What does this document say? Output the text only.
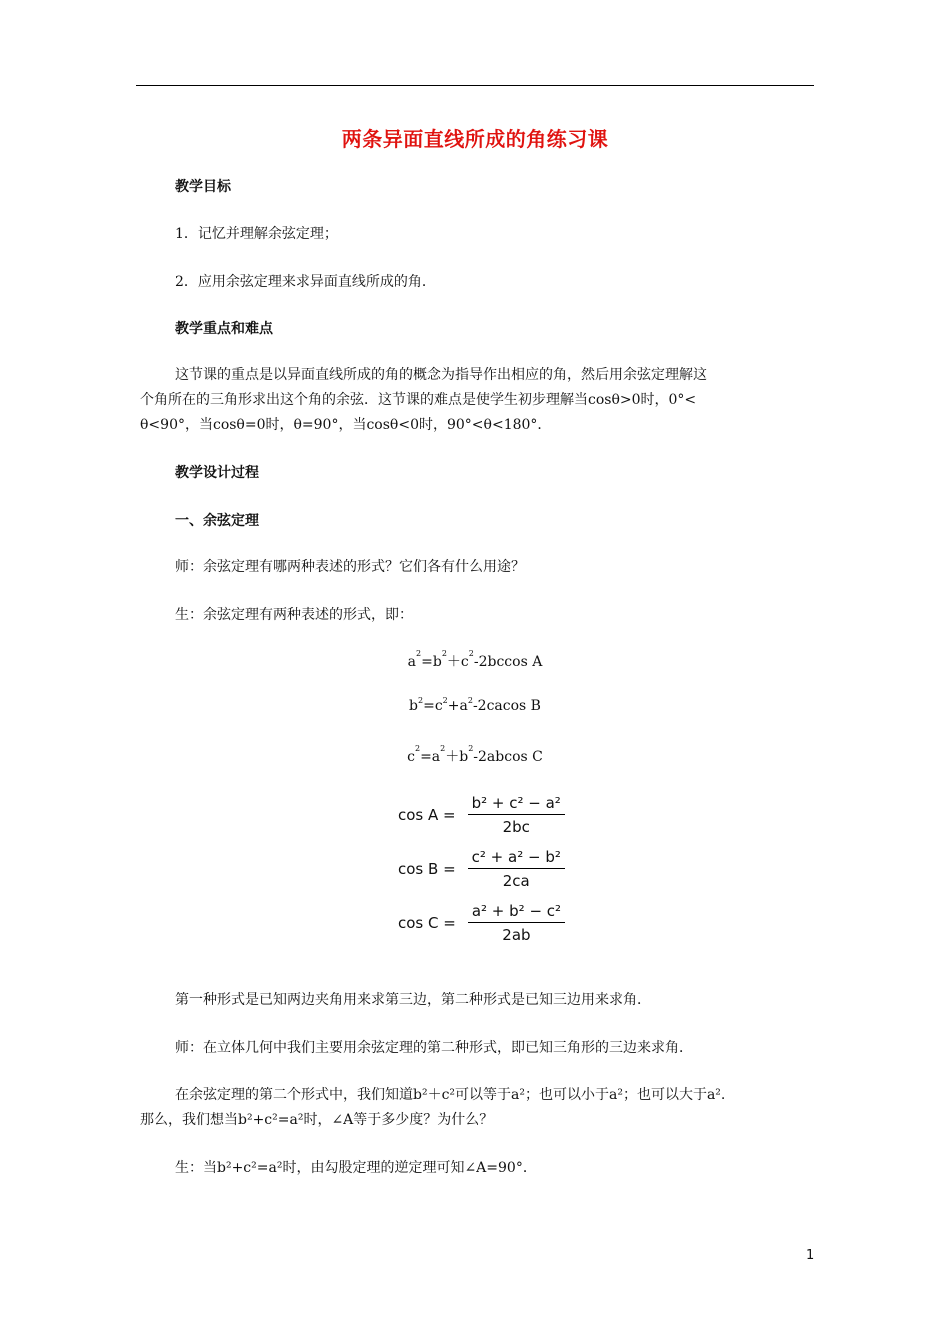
两条异面直线所成的角练习课
教学目标
1．记忆并理解余弦定理；
2．应用余弦定理来求异面直线所成的角．
教学重点和难点
这节课的重点是以异面直线所成的角的概念为指导作出相应的角，然后用余弦定理解这
个角所在的三角形求出这个角的余弦．这节课的难点是使学生初步理解当cosθ>0时，0°<
θ<90°，当cosθ=0时，θ=90°，当cosθ<0时，90°<θ<180°．
教学设计过程
一、余弦定理
师：余弦定理有哪两种表述的形式？它们各有什么用途？
生：余弦定理有两种表述的形式，即：
$a^2=b^2+c^2-2bccos$ A
$b^2=c^2+a^2-2cacos$ B
$c^2=a^2+b^2-2abcos$ C
$\cos A = \frac{\text{b² + c² − a²}}{2bc}$
$\cos B = \frac{\text{c² + a² − b²}}{2ca}$
$\cos C = \frac{\text{a² + b² − c²}}{2ab}$
第一种形式是已知两边夹角用来求第三边，第二种形式是已知三边用来求角．
师：在立体几何中我们主要用余弦定理的第二种形式，即已知三角形的三边来求角．
在余弦定理的第二个形式中，我们知道b²＋c²可以等于a²；也可以小于a²；也可以大于a².
那么，我们想当b²+c²=a²时，∠A等于多少度？为什么？
生：当b²+c²=a²时，由勾股定理的逆定理可知∠A=90°．
1
